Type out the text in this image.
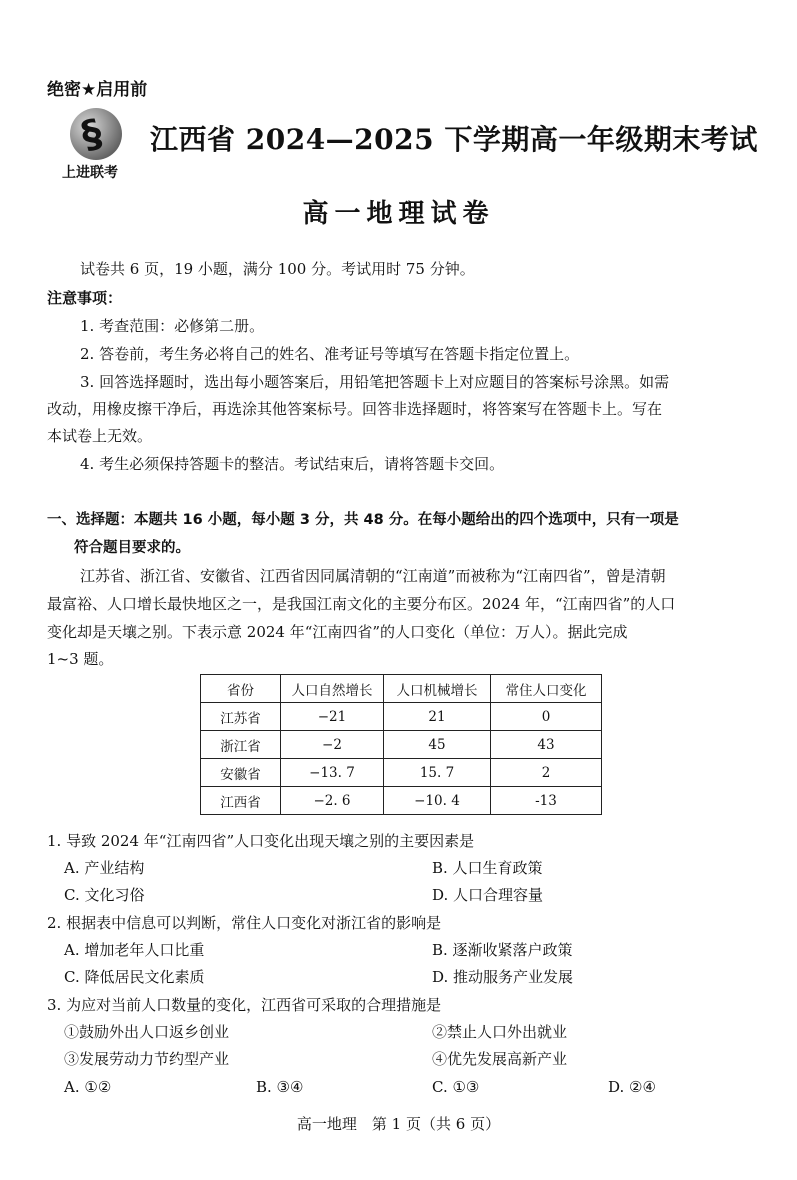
绝密★启用前
§
上进联考
江西省 2024—2025 下学期高一年级期末考试
高一地理试卷
试卷共 6 页，19 小题，满分 100 分。考试用时 75 分钟。
注意事项：
1. 考查范围：必修第二册。
2. 答卷前，考生务必将自己的姓名、准考证号等填写在答题卡指定位置上。
3. 回答选择题时，选出每小题答案后，用铅笔把答题卡上对应题目的答案标号涂黑。如需
改动，用橡皮擦干净后，再选涂其他答案标号。回答非选择题时，将答案写在答题卡上。写在
本试卷上无效。
4. 考生必须保持答题卡的整洁。考试结束后，请将答题卡交回。
一、选择题：本题共 16 小题，每小题 3 分，共 48 分。在每小题给出的四个选项中，只有一项是
符合题目要求的。
江苏省、浙江省、安徽省、江西省因同属清朝的“江南道”而被称为“江南四省”，曾是清朝
最富裕、人口增长最快地区之一，是我国江南文化的主要分布区。2024 年，“江南四省”的人口
变化却是天壤之别。下表示意 2024 年“江南四省”的人口变化（单位：万人）。据此完成
1~3 题。
省份	人口自然增长	人口机械增长	常住人口变化
江苏省	−21	21	0
浙江省	−2	45	43
安徽省	−13. 7	15. 7	2
江西省	−2. 6	−10. 4	-13
1. 导致 2024 年“江南四省”人口变化出现天壤之别的主要因素是
A. 产业结构	B. 人口生育政策
C. 文化习俗	D. 人口合理容量
2. 根据表中信息可以判断，常住人口变化对浙江省的影响是
A. 增加老年人口比重	B. 逐渐收紧落户政策
C. 降低居民文化素质	D. 推动服务产业发展
3. 为应对当前人口数量的变化，江西省可采取的合理措施是
①鼓励外出人口返乡创业	②禁止人口外出就业
③发展劳动力节约型产业	④优先发展高新产业
A. ①②	B. ③④	C. ①③	D. ②④
高一地理　第 1 页（共 6 页）
